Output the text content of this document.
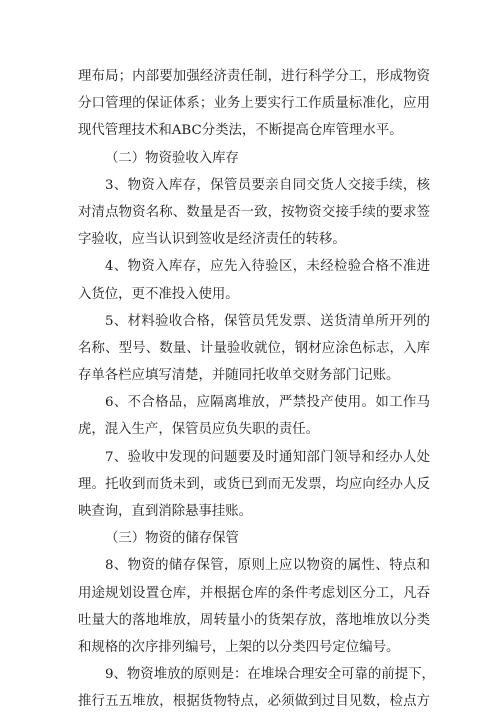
理布局；内部要加强经济责任制，进行科学分工，形成物资
分口管理的保证体系；业务上要实行工作质量标准化，应用
现代管理技术和ABC分类法，不断提高仓库管理水平。
（二）物资验收入库存
3、物资入库存，保管员要亲自同交货人交接手续，核
对清点物资名称、数量是否一致，按物资交接手续的要求签
字验收，应当认识到签收是经济责任的转移。
4、物资入库存，应先入待验区，未经检验合格不准进
入货位，更不准投入使用。
5、材料验收合格，保管员凭发票、送货清单所开列的
名称、型号、数量、计量验收就位，钢材应涂色标志，入库
存单各栏应填写清楚，并随同托收单交财务部门记账。
6、不合格品，应隔离堆放，严禁投产使用。如工作马
虎，混入生产，保管员应负失职的责任。
7、验收中发现的问题要及时通知部门领导和经办人处
理。托收到而货未到，或货已到而无发票，均应向经办人反
映查询，直到消除悬事挂账。
（三）物资的储存保管
8、物资的储存保管，原则上应以物资的属性、特点和
用途规划设置仓库，并根据仓库的条件考虑划区分工，凡吞
吐量大的落地堆放，周转量小的货架存放，落地堆放以分类
和规格的次序排列编号，上架的以分类四号定位编号。
9、物资堆放的原则是：在堆垛合理安全可靠的前提下，
推行五五堆放，根据货物特点，必须做到过目见数，检点方
